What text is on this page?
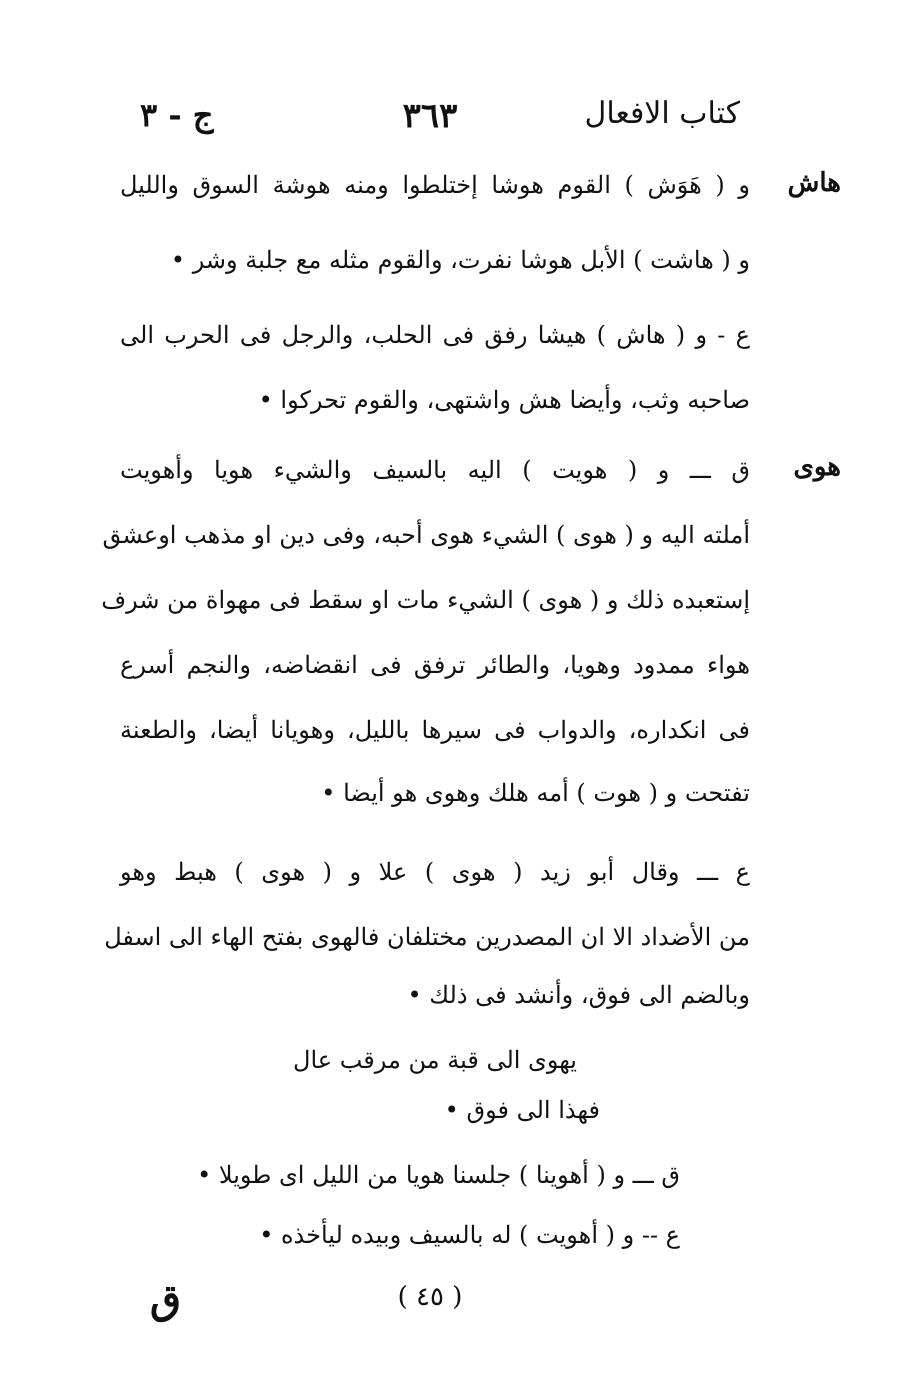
كتاب الافعال
٣٦٣
ج - ٣
هاش
هوى
و ( هَوَش ) القوم هوشا إختلطوا ومنه هوشة السوق والليل
و ( هاشت ) الأبل هوشا نفرت، والقوم مثله مع جلبة وشر •
ع - و ( هاش ) هيشا رفق فى الحلب، والرجل فى الحرب الى
صاحبه وثب، وأيضا هش واشتهى، والقوم تحركوا •
ق ـــ و ( هويت ) اليه بالسيف والشيء هويا وأهويت
أملته اليه و ( هوى ) الشيء هوى أحبه، وفى دين او مذهب اوعشق
إستعبده ذلك و ( هوى ) الشيء مات او سقط فى مهواة من شرف
هواء ممدود وهويا، والطائر ترفق فى انقضاضه، والنجم أسرع
فى انكداره، والدواب فى سيرها بالليل، وهويانا أيضا، والطعنة
تفتحت و ( هوت ) أمه هلك وهوى هو أيضا •
ع ـــ وقال أبو زيد ( هوى ) علا و ( هوى ) هبط وهو
من الأضداد الا ان المصدرين مختلفان فالهوى بفتح الهاء الى اسفل
وبالضم الى فوق، وأنشد فى ذلك •
يهوى الى قبة من مرقب عال
فهذا الى فوق •
ق ـــ و ( أهوينا ) جلسنا هويا من الليل اى طويلا •
ع -- و ( أهويت ) له بالسيف وبيده ليأخذه •
( ٤٥ )
ق
